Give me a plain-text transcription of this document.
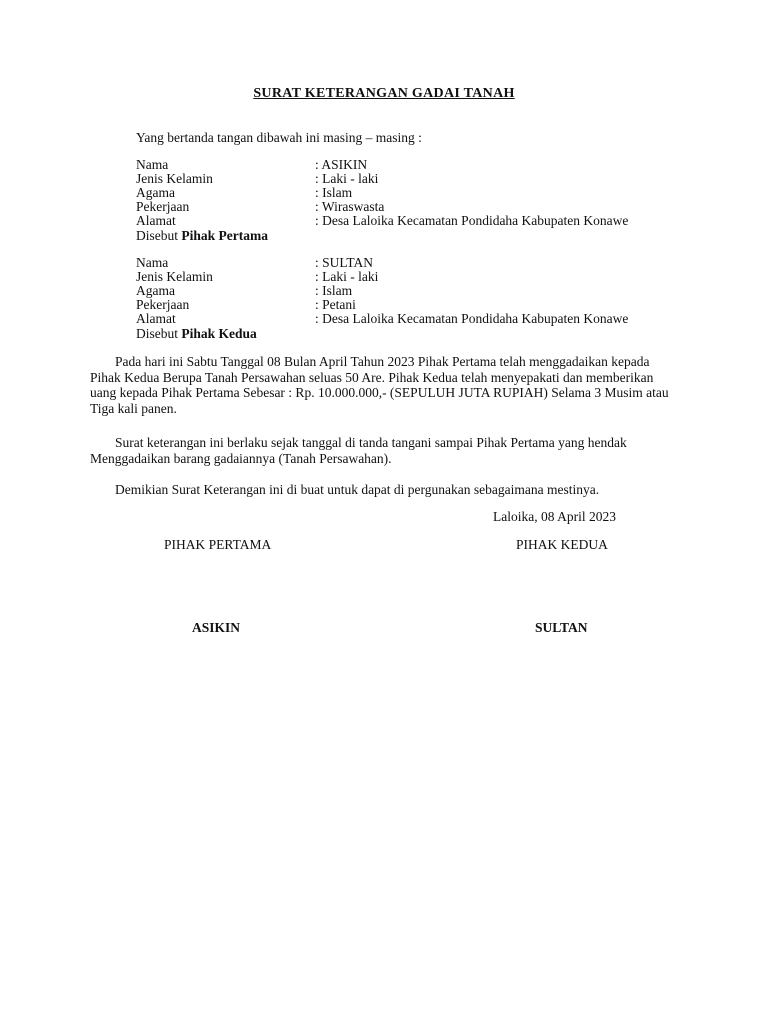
SURAT KETERANGAN GADAI TANAH
Yang bertanda tangan dibawah ini masing – masing :
Nama	: ASIKIN
Jenis Kelamin	: Laki - laki
Agama	: Islam
Pekerjaan	: Wiraswasta
Alamat	: Desa Laloika Kecamatan Pondidaha Kabupaten Konawe
Disebut Pihak Pertama
Nama	: SULTAN
Jenis Kelamin	: Laki - laki
Agama	: Islam
Pekerjaan	: Petani
Alamat	: Desa Laloika Kecamatan Pondidaha Kabupaten Konawe
Disebut Pihak Kedua
Pada hari ini Sabtu Tanggal 08 Bulan April Tahun 2023 Pihak Pertama telah menggadaikan kepada Pihak Kedua Berupa Tanah Persawahan seluas 50 Are. Pihak Kedua telah menyepakati dan memberikan uang kepada Pihak Pertama Sebesar : Rp. 10.000.000,- (SEPULUH JUTA RUPIAH) Selama 3 Musim atau Tiga kali panen.
Surat keterangan ini berlaku sejak tanggal di tanda tangani sampai Pihak Pertama yang hendak Menggadaikan barang gadaiannya (Tanah Persawahan).
Demikian Surat Keterangan ini di buat untuk dapat di pergunakan sebagaimana mestinya.
Laloika, 08 April 2023
PIHAK PERTAMA	PIHAK KEDUA
ASIKIN	SULTAN
